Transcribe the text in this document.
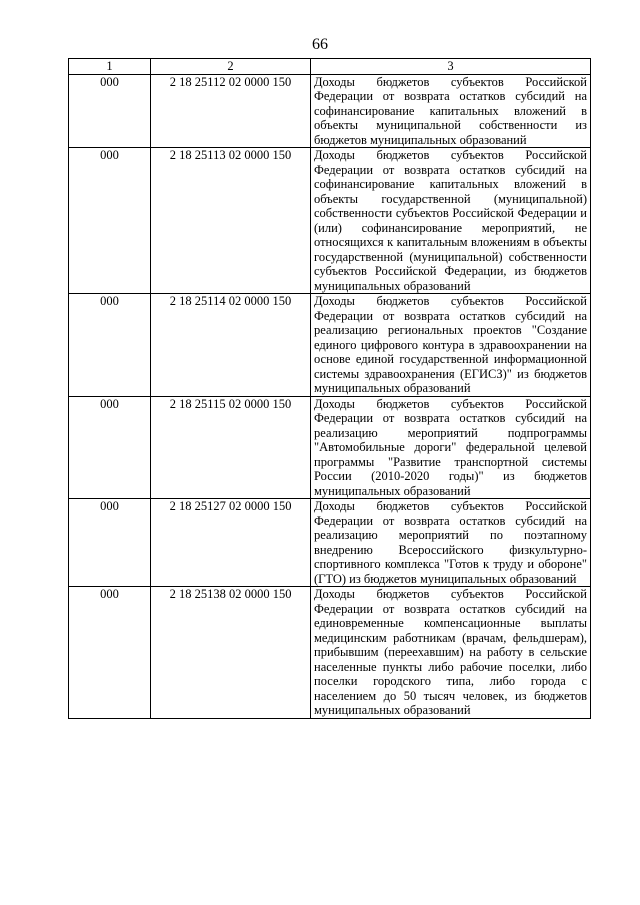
66
1	2	3
000	2 18 25112 02 0000 150	Доходы бюджетов субъектов Российской Федерации от возврата остатков субсидий на софинансирование капитальных вложений в объекты муниципальной собственности из бюджетов муниципальных образований
000	2 18 25113 02 0000 150	Доходы бюджетов субъектов Российской Федерации от возврата остатков субсидий на софинансирование капитальных вложений в объекты государственной (муниципальной) собственности субъектов Российской Федерации и (или) софинансирование мероприятий, не относящихся к капитальным вложениям в объекты государственной (муниципальной) собственности субъектов Российской Федерации, из бюджетов муниципальных образований
000	2 18 25114 02 0000 150	Доходы бюджетов субъектов Российской Федерации от возврата остатков субсидий на реализацию региональных проектов "Создание единого цифрового контура в здравоохранении на основе единой государственной информационной системы здравоохранения (ЕГИСЗ)" из бюджетов муниципальных образований
000	2 18 25115 02 0000 150	Доходы бюджетов субъектов Российской Федерации от возврата остатков субсидий на реализацию мероприятий подпрограммы "Автомобильные дороги" федеральной целевой программы "Развитие транспортной системы России (2010-2020 годы)" из бюджетов муниципальных образований
000	2 18 25127 02 0000 150	Доходы бюджетов субъектов Российской Федерации от возврата остатков субсидий на реализацию мероприятий по поэтапному внедрению Всероссийского физкультурно-спортивного комплекса "Готов к труду и обороне" (ГТО) из бюджетов муниципальных образований
000	2 18 25138 02 0000 150	Доходы бюджетов субъектов Российской Федерации от возврата остатков субсидий на единовременные компенсационные выплаты медицинским работникам (врачам, фельдшерам), прибывшим (переехавшим) на работу в сельские населенные пункты либо рабочие поселки, либо поселки городского типа, либо города с населением до 50 тысяч человек, из бюджетов муниципальных образований
